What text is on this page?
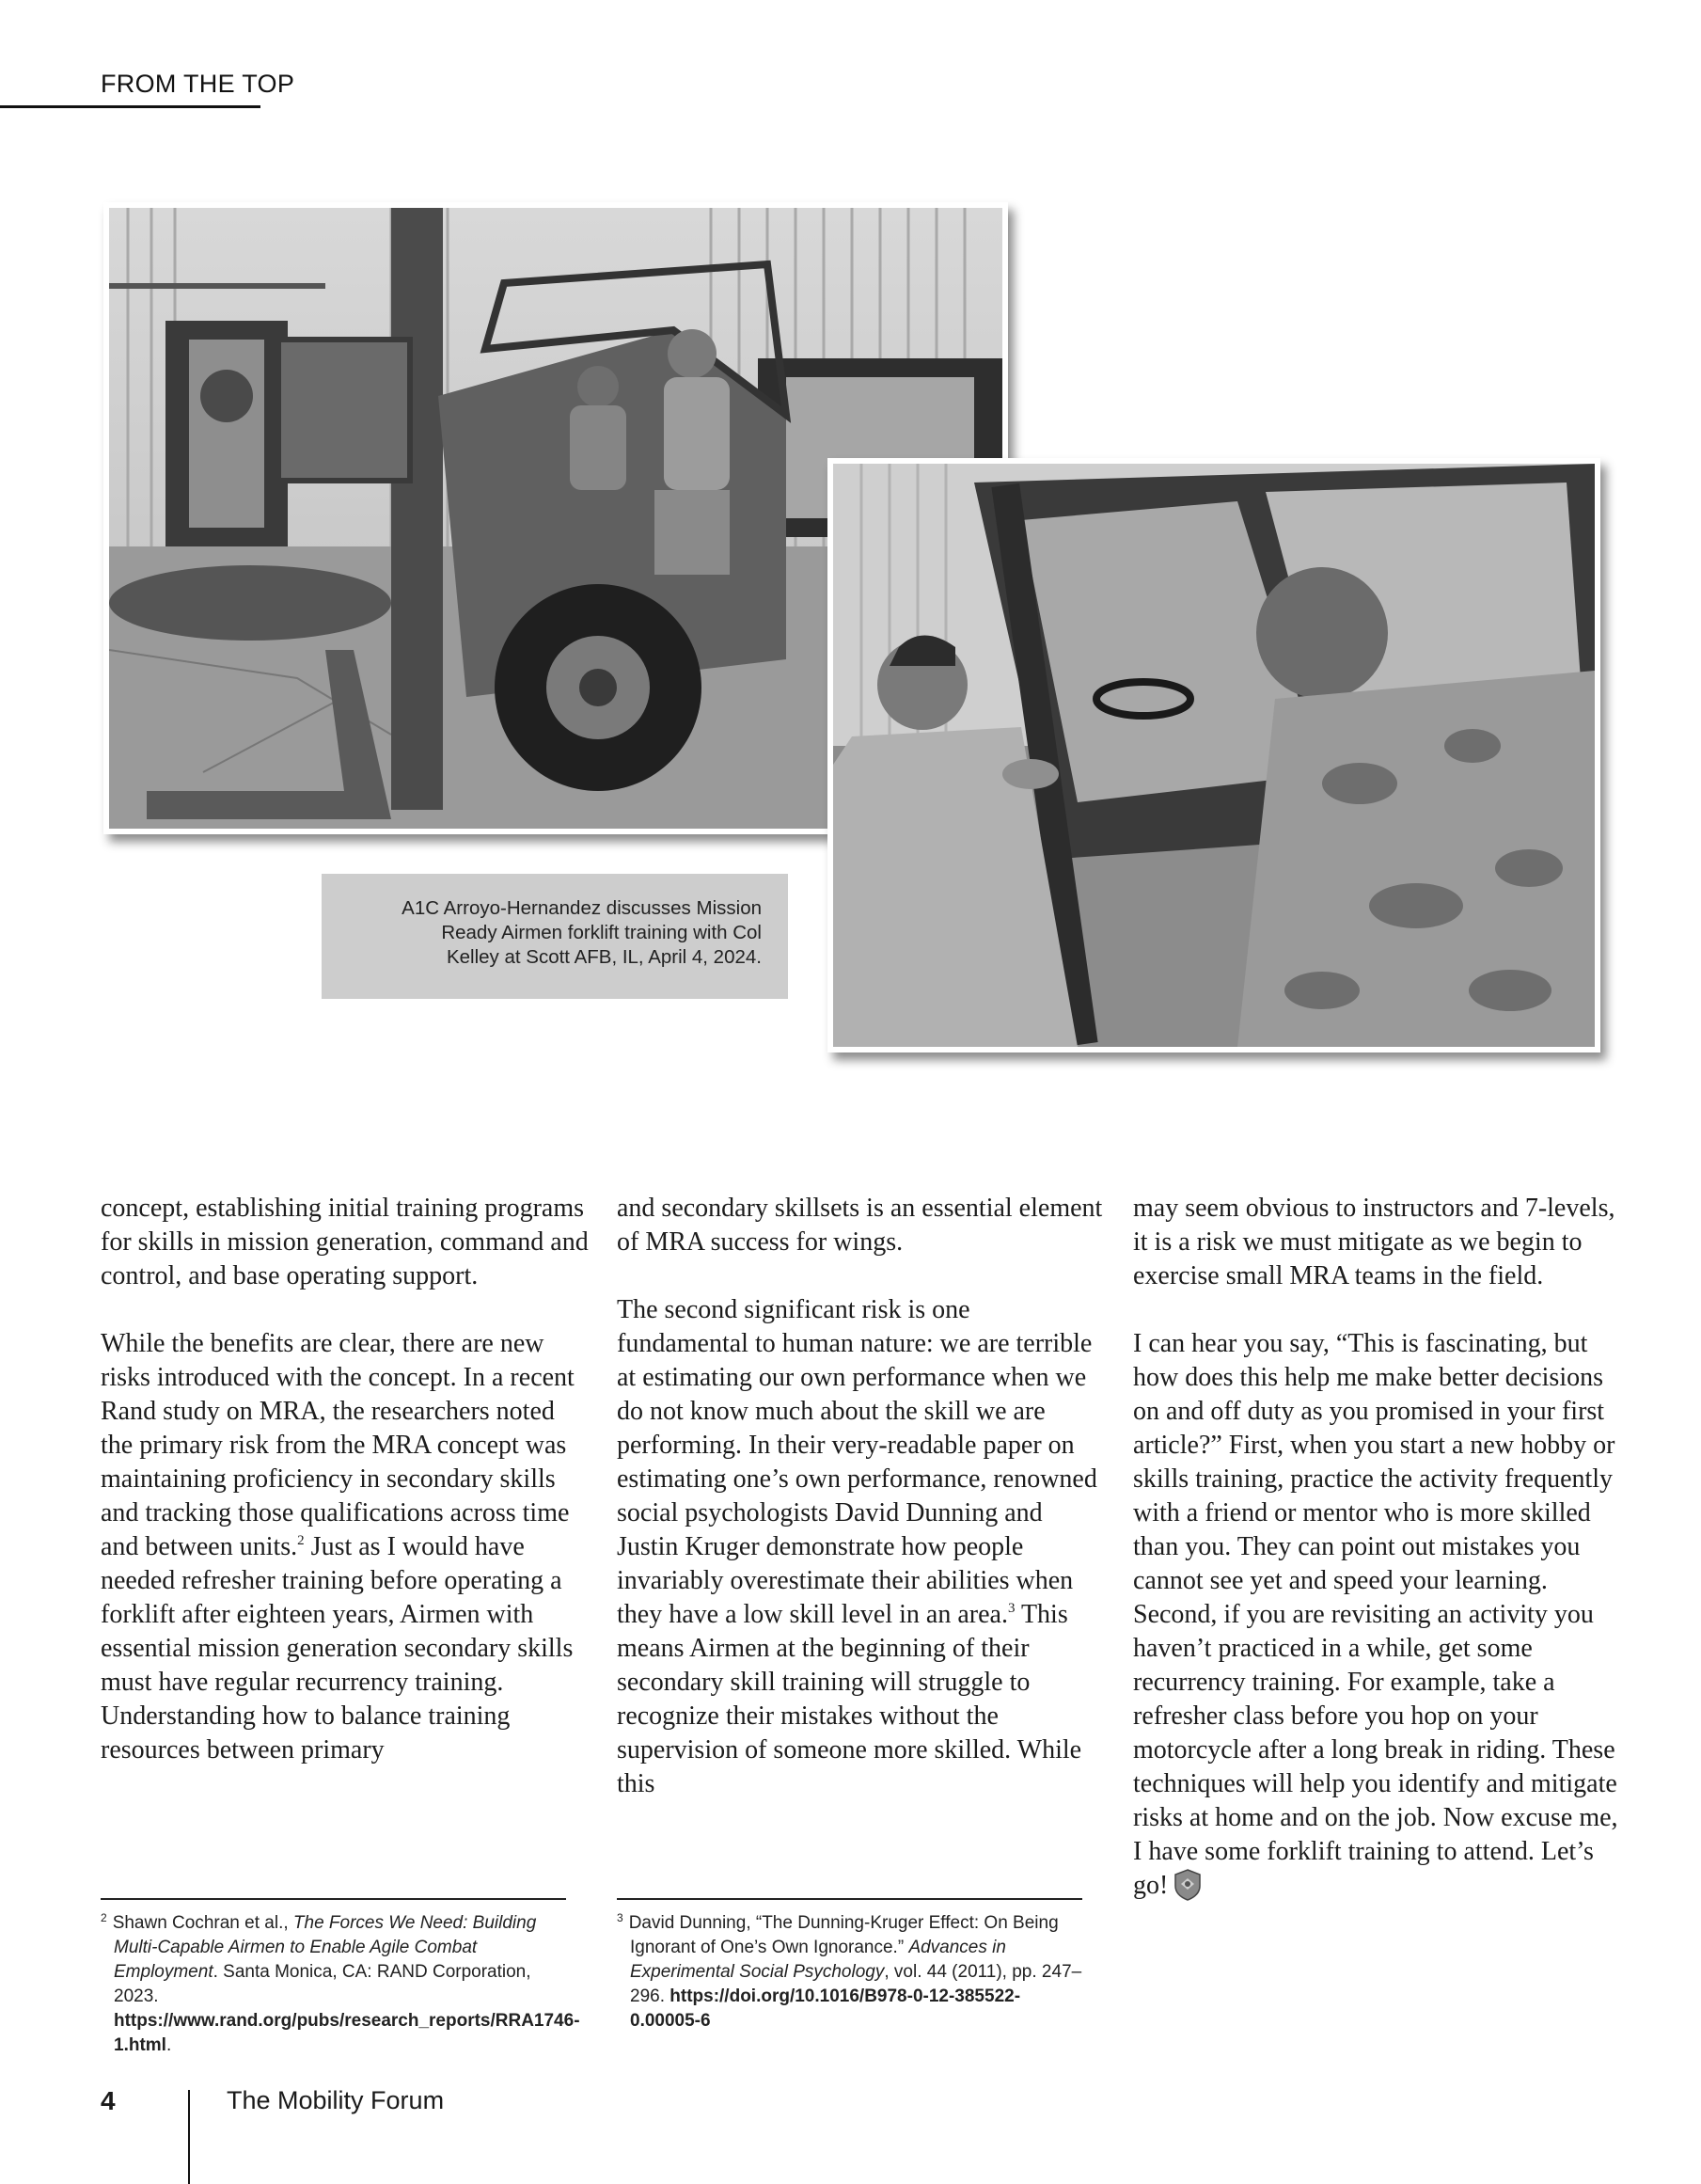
FROM THE TOP
A1C Arroyo-Hernandez discusses Mission
Ready Airmen forklift training with Col
Kelley at Scott AFB, IL, April 4, 2024.

concept, establishing initial training programs for skills in mission generation, command and control, and base operating support.

While the benefits are clear, there are new risks introduced with the concept. In a recent Rand study on MRA, the researchers noted the primary risk from the MRA concept was maintaining proficiency in secondary skills and tracking those qualifications across time and between units.$^2$ Just as I would have needed refresher training before operating a forklift after eighteen years, Airmen with essential mission generation secondary skills must have regular recurrency training. Understanding how to balance training resources between primary

and secondary skillsets is an essential element of MRA success for wings.

The second significant risk is one fundamental to human nature: we are terrible at estimating our own performance when we do not know much about the skill we are performing. In their very-readable paper on estimating one’s own performance, renowned social psychologists David Dunning and Justin Kruger demonstrate how people invariably overestimate their abilities when they have a low skill level in an area.$^3$ This means Airmen at the beginning of their secondary skill training will struggle to recognize their mistakes without the supervision of someone more skilled. While this

may seem obvious to instructors and 7-levels, it is a risk we must mitigate as we begin to exercise small MRA teams in the field.

I can hear you say, “This is fascinating, but how does this help me make better decisions on and off duty as you promised in your first article?” First, when you start a new hobby or skills training, practice the activity frequently with a friend or mentor who is more skilled than you. They can point out mistakes you cannot see yet and speed your learning. Second, if you are revisiting an activity you haven’t practiced in a while, get some recurrency training. For example, take a refresher class before you hop on your motorcycle after a long break in riding. These techniques will help you identify and mitigate risks at home and on the job. Now excuse me, I have some forklift training to attend. Let’s go!

$^2$ Shawn Cochran et al., The Forces We Need: Building Multi-Capable Airmen to Enable Agile Combat Employment. Santa Monica, CA: RAND Corporation, 2023. https://www.rand.org/pubs/research_reports/RRA1746-1.html.
$^3$ David Dunning, “The Dunning-Kruger Effect: On Being Ignorant of One’s Own Ignorance.” Advances in Experimental Social Psychology, vol. 44 (2011), pp. 247–296. https://doi.org/10.1016/B978-0-12-385522-0.00005-6
4	The Mobility Forum
